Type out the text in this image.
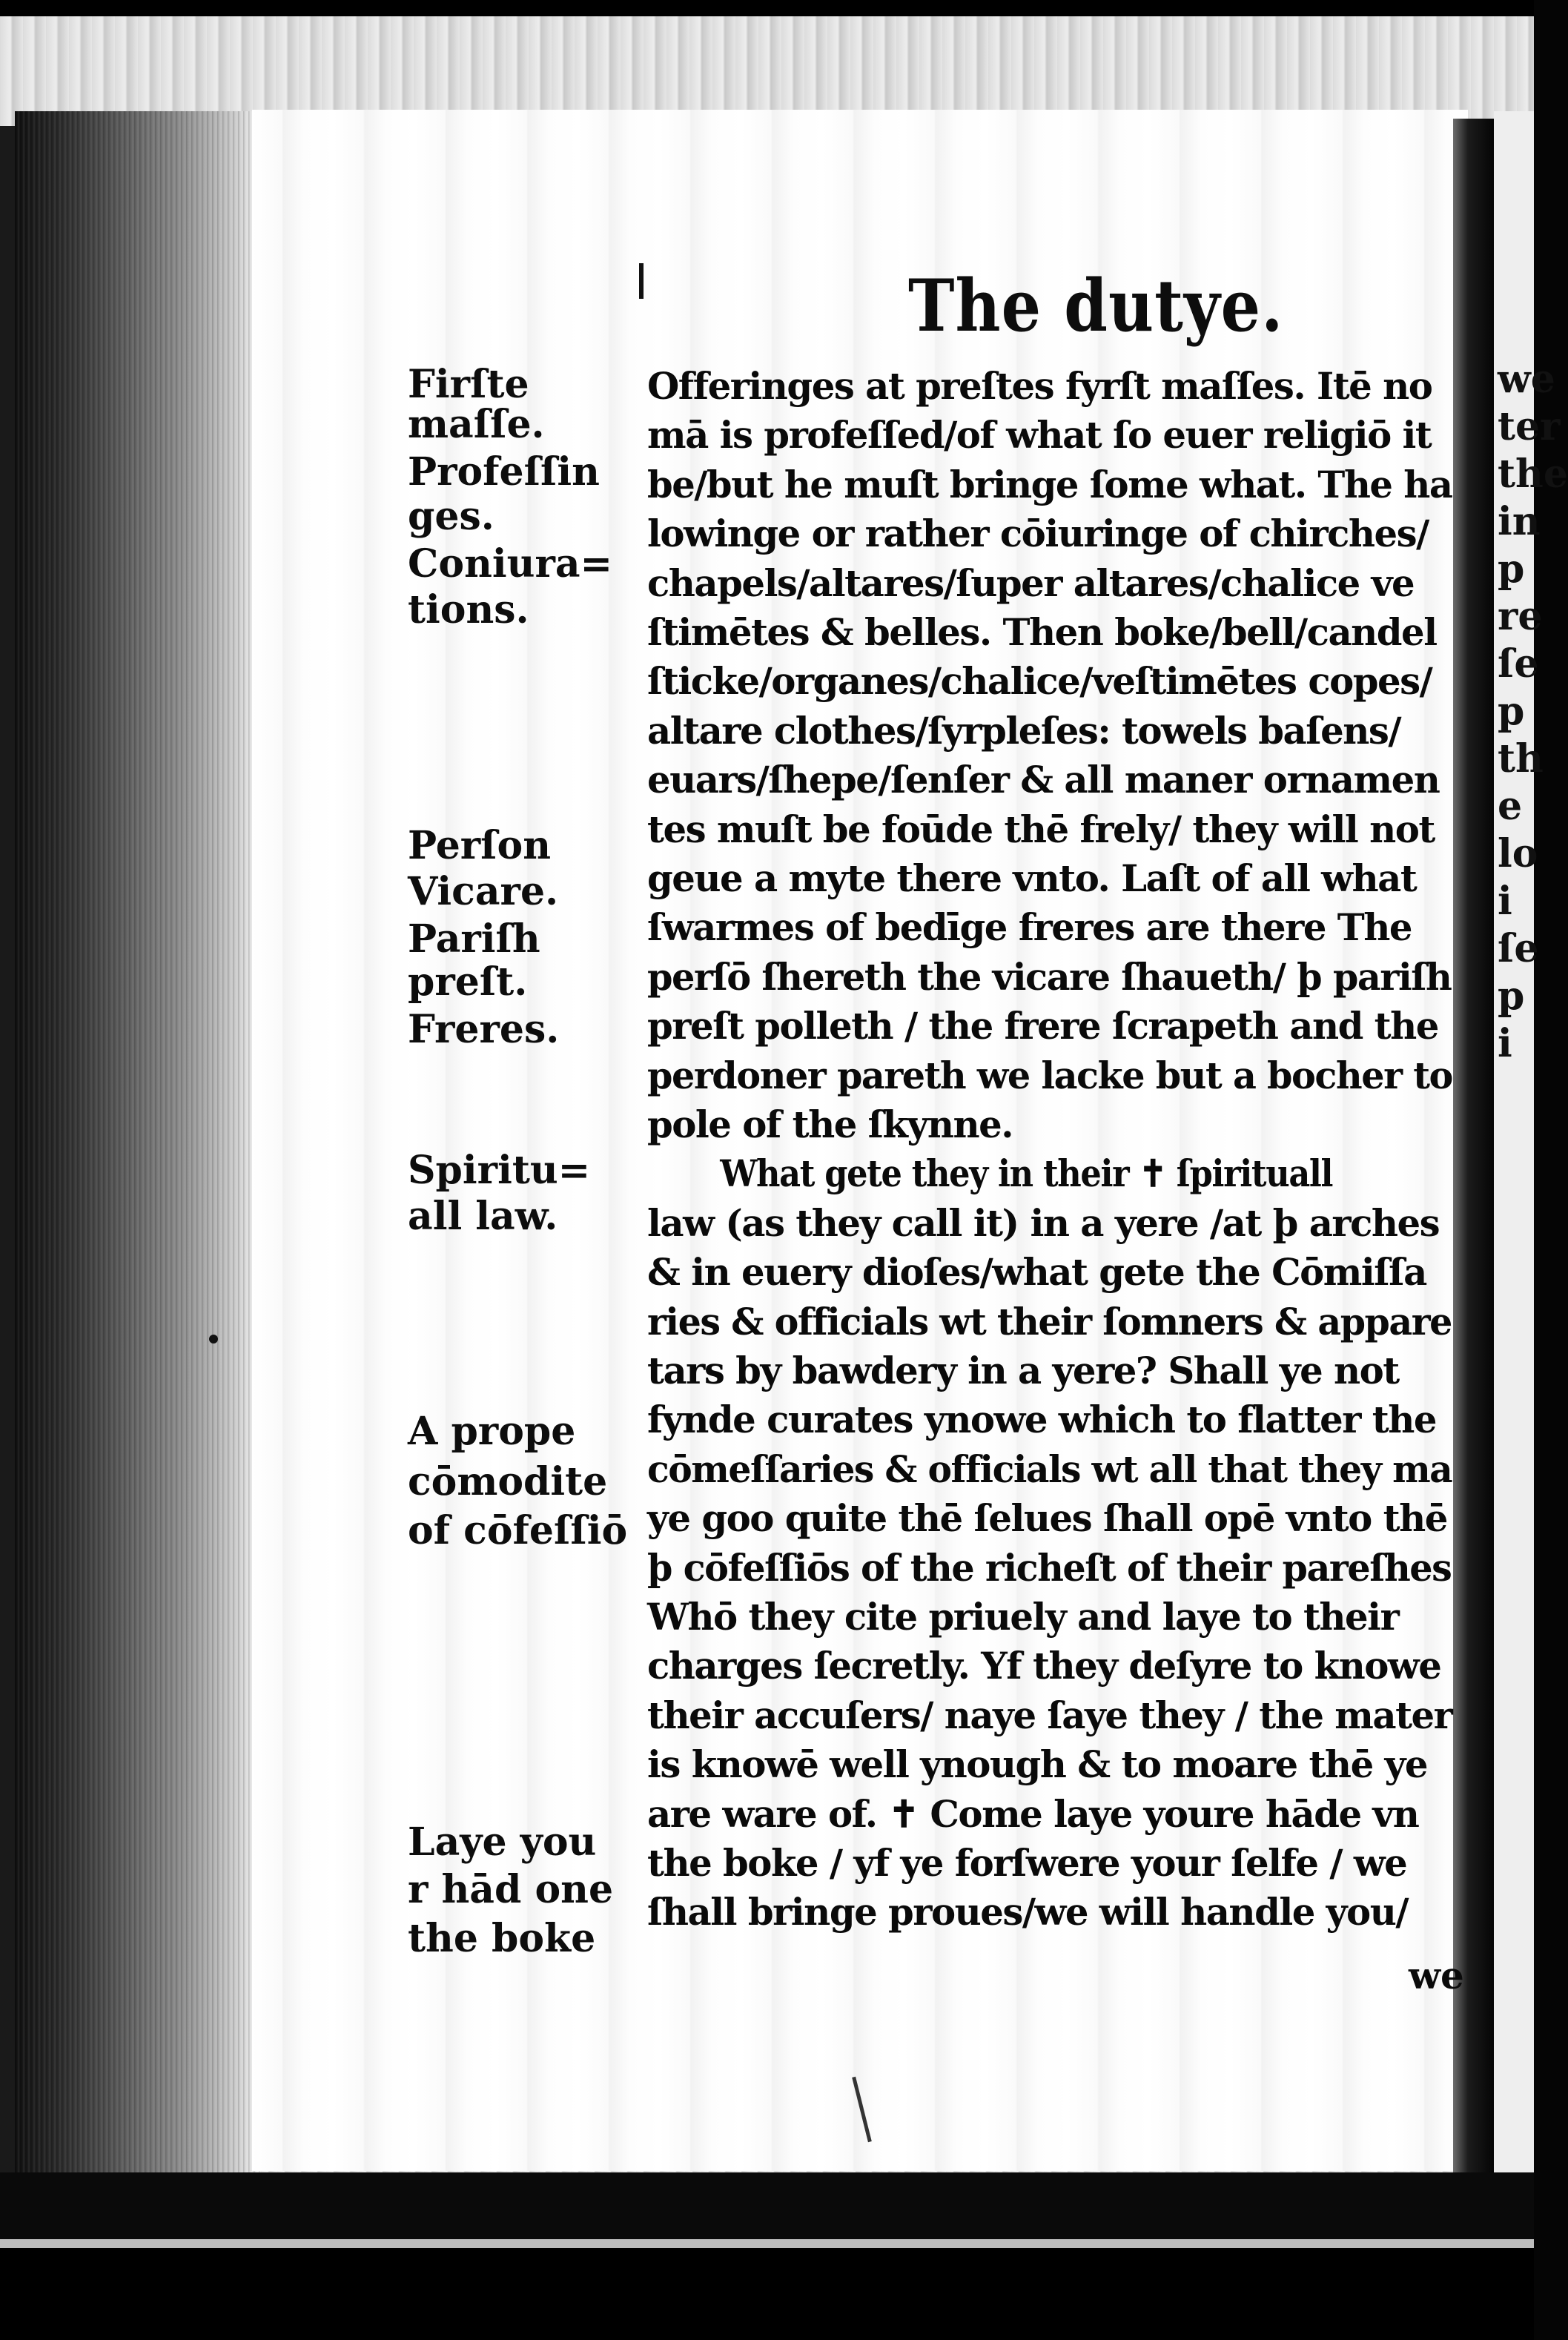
we
ter
the
in
p
re
ſe
p
th
e
lo
i
ſe
p
i
The dutye.
Firſte
maſſe.
Profeſſin
ges.
Coniura=
tions.
Perſon
Vicare.
Pariſh
preſt.
Freres.
Spiritu=
all law.
A prope
cōmodite
of cōfeſſiō
Laye you
r hād one
the boke
Offeringes at preſtes fyrſt maſſes. Itē no
mā is profeſſed/of what ſo euer religiō it
be/but he muſt bringe ſome what. The ha
lowinge or rather cōiuringe of chirches/
chapels/altares/ſuper altares/chalice ve
ſtimētes & belles. Then boke/bell/candel
ſticke/organes/chalice/veſtimētes copes/
altare clothes/ſyrpleſes: towels baſens/
euars/ſhepe/ſenſer & all maner ornamen
tes muſt be foūde thē frely/ they will not
geue a myte there vnto. Laſt of all what
ſwarmes of bedīge freres are there The
perſō ſhereth the vicare ſhaueth/ þ pariſh
preſt polleth / the frere ſcrapeth and the
perdoner pareth we lacke but a bocher to
pole of the ſkynne.
What gete they in their ✝ ſpirituall
law (as they call it) in a yere /at þ arches
& in euery dioſes/what gete the Cōmiſſa
ries & officials wt their ſomners & appare
tars by bawdery in a yere? Shall ye not
fynde curates ynowe which to flatter the
cōmeſſaries & officials wt all that they ma
ye goo quite thē ſelues ſhall opē vnto thē
þ cōfeſſiōs of the richeſt of their pareſhes
Whō they cite priuely and laye to their
charges ſecretly. Yf they deſyre to knowe
their accuſers/ naye ſaye they / the mater
is knowē well ynough & to moare thē ye
are ware of. ✝ Come laye youre hāde vn
the boke / yf ye forſwere your ſelfe / we
ſhall bringe proues/we will handle you/
we
